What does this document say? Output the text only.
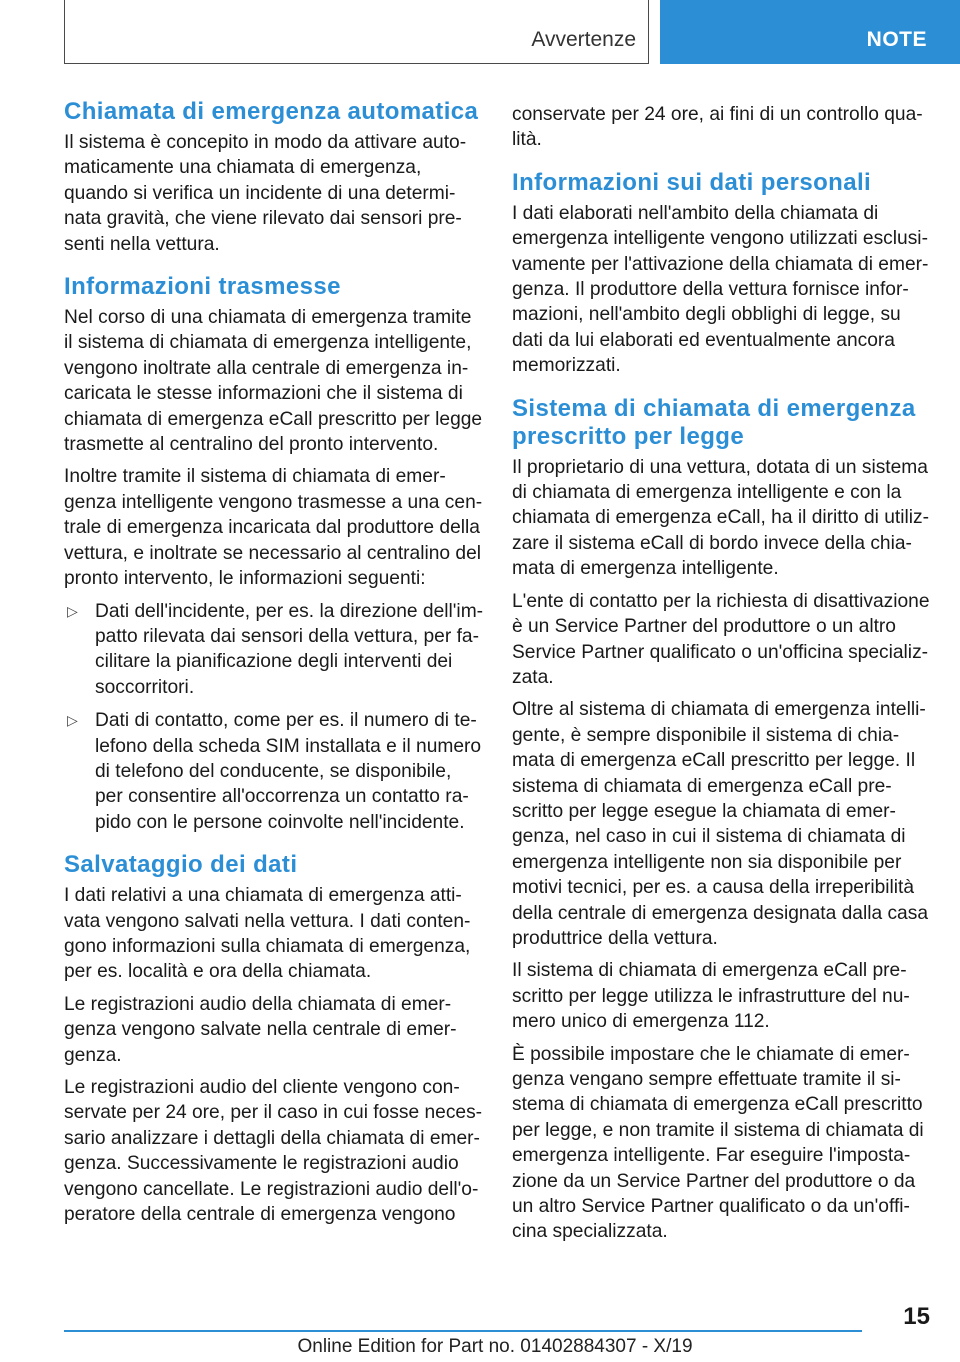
Avvertenze	NOTE
Chiamata di emergenza automatica

Il sistema è concepito in modo da attivare auto-maticamente una chiamata di emergenza, quando si verifica un incidente di una determi-nata gravità, che viene rilevato dai sensori pre-senti nella vettura.

Informazioni trasmesse

Nel corso di una chiamata di emergenza tramite il sistema di chiamata di emergenza intelligente, vengono inoltrate alla centrale di emergenza in-caricata le stesse informazioni che il sistema di chiamata di emergenza eCall prescritto per legge trasmette al centralino del pronto intervento.

Inoltre tramite il sistema di chiamata di emer-genza intelligente vengono trasmesse a una cen-trale di emergenza incaricata dal produttore della vettura, e inoltrate se necessario al centralino del pronto intervento, le informazioni seguenti:

▷ Dati dell'incidente, per es. la direzione dell'im-patto rilevata dai sensori della vettura, per fa-cilitare la pianificazione degli interventi dei soccorritori.
▷ Dati di contatto, come per es. il numero di te-lefono della scheda SIM installata e il numero di telefono del conducente, se disponibile, per consentire all'occorrenza un contatto ra-pido con le persone coinvolte nell'incidente.
Salvataggio dei dati

I dati relativi a una chiamata di emergenza atti-vata vengono salvati nella vettura. I dati conten-gono informazioni sulla chiamata di emergenza, per es. località e ora della chiamata.

Le registrazioni audio della chiamata di emer-genza vengono salvate nella centrale di emer-genza.

Le registrazioni audio del cliente vengono con-servate per 24 ore, per il caso in cui fosse neces-sario analizzare i dettagli della chiamata di emer-genza. Successivamente le registrazioni audio vengono cancellate. Le registrazioni audio dell'o-peratore della centrale di emergenza vengono

conservate per 24 ore, ai fini di un controllo qua-lità.

Informazioni sui dati personali

I dati elaborati nell'ambito della chiamata di emergenza intelligente vengono utilizzati esclusi-vamente per l'attivazione della chiamata di emer-genza. Il produttore della vettura fornisce infor-mazioni, nell'ambito degli obblighi di legge, su dati da lui elaborati ed eventualmente ancora memorizzati.

Sistema di chiamata di emergenza prescritto per legge

Il proprietario di una vettura, dotata di un sistema di chiamata di emergenza intelligente e con la chiamata di emergenza eCall, ha il diritto di utiliz-zare il sistema eCall di bordo invece della chia-mata di emergenza intelligente.

L'ente di contatto per la richiesta di disattivazione è un Service Partner del produttore o un altro Service Partner qualificato o un'officina specializ-zata.

Oltre al sistema di chiamata di emergenza intelli-gente, è sempre disponibile il sistema di chia-mata di emergenza eCall prescritto per legge. Il sistema di chiamata di emergenza eCall pre-scritto per legge esegue la chiamata di emer-genza, nel caso in cui il sistema di chiamata di emergenza intelligente non sia disponibile per motivi tecnici, per es. a causa della irreperibilità della centrale di emergenza designata dalla casa produttrice della vettura.

Il sistema di chiamata di emergenza eCall pre-scritto per legge utilizza le infrastrutture del nu-mero unico di emergenza 112.

È possibile impostare che le chiamate di emer-genza vengano sempre effettuate tramite il si-stema di chiamata di emergenza eCall prescritto per legge, e non tramite il sistema di chiamata di emergenza intelligente. Far eseguire l'imposta-zione da un Service Partner del produttore o da un altro Service Partner qualificato o da un'offi-cina specializzata.

15
Online Edition for Part no. 01402884307 - X/19
